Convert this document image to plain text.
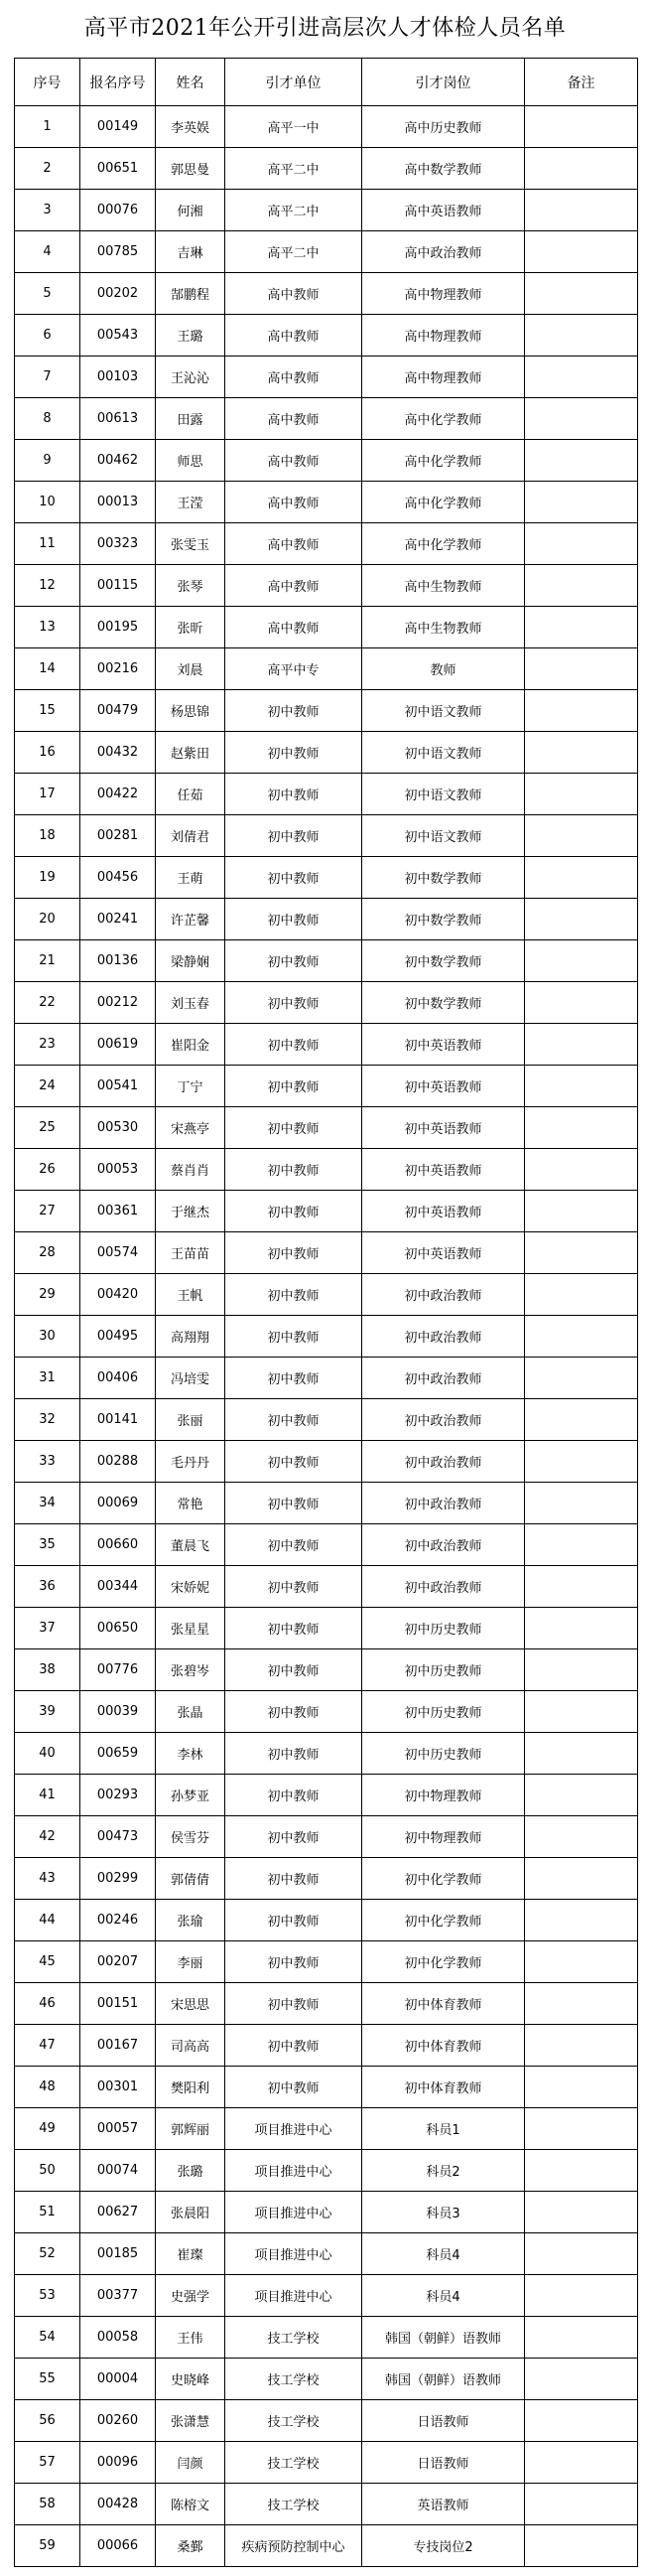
高平市2021年公开引进高层次人才体检人员名单
序号	报名序号	姓名	引才单位	引才岗位	备注
1	00149	李英娱	高平一中	高中历史教师	
2	00651	郭思曼	高平二中	高中数学教师	
3	00076	何湘	高平二中	高中英语教师	
4	00785	吉琳	高平二中	高中政治教师	
5	00202	郜鹏程	高中教师	高中物理教师	
6	00543	王璐	高中教师	高中物理教师	
7	00103	王沁沁	高中教师	高中物理教师	
8	00613	田露	高中教师	高中化学教师	
9	00462	师思	高中教师	高中化学教师	
10	00013	王滢	高中教师	高中化学教师	
11	00323	张雯玉	高中教师	高中化学教师	
12	00115	张琴	高中教师	高中生物教师	
13	00195	张昕	高中教师	高中生物教师	
14	00216	刘晨	高平中专	教师	
15	00479	杨思锦	初中教师	初中语文教师	
16	00432	赵紫田	初中教师	初中语文教师	
17	00422	任茹	初中教师	初中语文教师	
18	00281	刘倩君	初中教师	初中语文教师	
19	00456	王萌	初中教师	初中数学教师	
20	00241	许芷馨	初中教师	初中数学教师	
21	00136	梁静娴	初中教师	初中数学教师	
22	00212	刘玉春	初中教师	初中数学教师	
23	00619	崔阳金	初中教师	初中英语教师	
24	00541	丁宁	初中教师	初中英语教师	
25	00530	宋燕亭	初中教师	初中英语教师	
26	00053	蔡肖肖	初中教师	初中英语教师	
27	00361	于继杰	初中教师	初中英语教师	
28	00574	王苗苗	初中教师	初中英语教师	
29	00420	王帆	初中教师	初中政治教师	
30	00495	高翔翔	初中教师	初中政治教师	
31	00406	冯培雯	初中教师	初中政治教师	
32	00141	张丽	初中教师	初中政治教师	
33	00288	毛丹丹	初中教师	初中政治教师	
34	00069	常艳	初中教师	初中政治教师	
35	00660	董晨飞	初中教师	初中政治教师	
36	00344	宋娇妮	初中教师	初中政治教师	
37	00650	张星星	初中教师	初中历史教师	
38	00776	张碧岑	初中教师	初中历史教师	
39	00039	张晶	初中教师	初中历史教师	
40	00659	李林	初中教师	初中历史教师	
41	00293	孙梦亚	初中教师	初中物理教师	
42	00473	侯雪芬	初中教师	初中物理教师	
43	00299	郭倩倩	初中教师	初中化学教师	
44	00246	张瑜	初中教师	初中化学教师	
45	00207	李丽	初中教师	初中化学教师	
46	00151	宋思思	初中教师	初中体育教师	
47	00167	司高高	初中教师	初中体育教师	
48	00301	樊阳利	初中教师	初中体育教师	
49	00057	郭辉丽	项目推进中心	科员1	
50	00074	张璐	项目推进中心	科员2	
51	00627	张晨阳	项目推进中心	科员3	
52	00185	崔璨	项目推进中心	科员4	
53	00377	史强学	项目推进中心	科员4	
54	00058	王伟	技工学校	韩国（朝鲜）语教师	
55	00004	史晓峰	技工学校	韩国（朝鲜）语教师	
56	00260	张潇慧	技工学校	日语教师	
57	00096	闫颜	技工学校	日语教师	
58	00428	陈榕文	技工学校	英语教师	
59	00066	桑鄞	疾病预防控制中心	专技岗位2	
